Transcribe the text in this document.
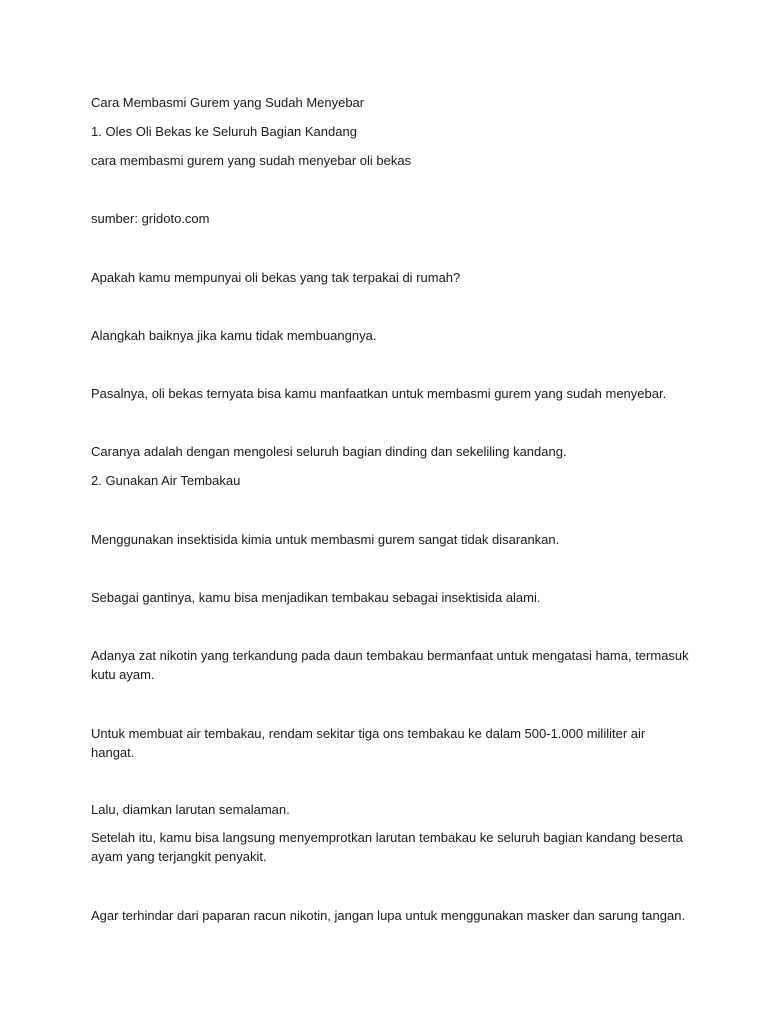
Cara Membasmi Gurem yang Sudah Menyebar
1. Oles Oli Bekas ke Seluruh Bagian Kandang
cara membasmi gurem yang sudah menyebar oli bekas
sumber: gridoto.com
Apakah kamu mempunyai oli bekas yang tak terpakai di rumah?
Alangkah baiknya jika kamu tidak membuangnya.
Pasalnya, oli bekas ternyata bisa kamu manfaatkan untuk membasmi gurem yang sudah menyebar.
Caranya adalah dengan mengolesi seluruh bagian dinding dan sekeliling kandang.
2. Gunakan Air Tembakau
Menggunakan insektisida kimia untuk membasmi gurem sangat tidak disarankan.
Sebagai gantinya, kamu bisa menjadikan tembakau sebagai insektisida alami.
Adanya zat nikotin yang terkandung pada daun tembakau bermanfaat untuk mengatasi hama, termasuk kutu ayam.
Untuk membuat air tembakau, rendam sekitar tiga ons tembakau ke dalam 500-1.000 mililiter air hangat.
Lalu, diamkan larutan semalaman.
Setelah itu, kamu bisa langsung menyemprotkan larutan tembakau ke seluruh bagian kandang beserta ayam yang terjangkit penyakit.
Agar terhindar dari paparan racun nikotin, jangan lupa untuk menggunakan masker dan sarung tangan.
